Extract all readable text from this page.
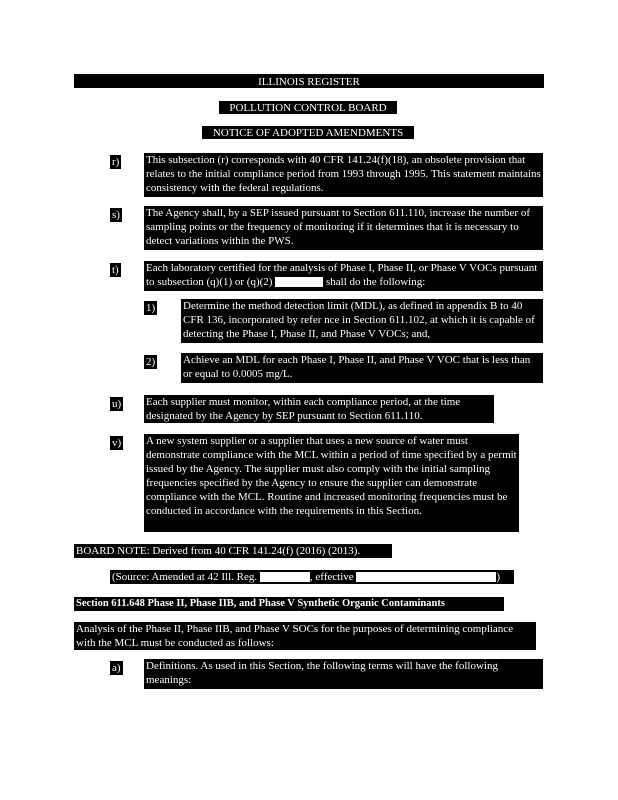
ILLINOIS REGISTER
POLLUTION CONTROL BOARD
NOTICE OF ADOPTED AMENDMENTS
r) This subsection (r) corresponds with 40 CFR 141.24(f)(18), an obsolete provision that relates to the initial compliance period from 1993 through 1995. This statement maintains consistency with the federal regulations.
s) The Agency shall, by a SEP issued pursuant to Section 611.110, increase the number of sampling points or the frequency of monitoring if it determines that it is necessary to detect variations within the PWS.
t) Each laboratory certified for the analysis of Phase I, Phase II, or Phase V VOCs pursuant to subsection (q)(1) or (q)(2)	shall do the following:
1)	Determine the method detection limit (MDL), as defined in appendix B to 40 CFR 136, incorporated by refer nce in Section 611.102, at which it is capable of detecting the Phase I, Phase II, and Phase V VOCs; and,
2)	Achieve an MDL for each Phase I, Phase II, and Phase V VOC that is less than or equal to 0.0005 mg/L.
u) Each supplier must monitor, within each compliance period, at the time designated by the Agency by SEP pursuant to Section 611.110.
v) A new system supplier or a supplier that uses a new source of water must demonstrate compliance with the MCL within a period of time specified by a permit issued by the Agency. The supplier must also comply with the initial sampling frequencies specified by the Agency to ensure the supplier can demonstrate compliance with the MCL. Routine and increased monitoring frequencies must be conducted in accordance with the requirements in this Section.
BOARD NOTE: Derived from 40 CFR 141.24(f) (2016) (2013).
(Source: Amended at 42 Ill. Reg.	, effective	)
Section 611.648 Phase II, Phase IIB, and Phase V Synthetic Organic Contaminants
Analysis of the Phase II, Phase IIB, and Phase V SOCs for the purposes of determining compliance with the MCL must be conducted as follows:
a) Definitions. As used in this Section, the following terms will have the following meanings:
